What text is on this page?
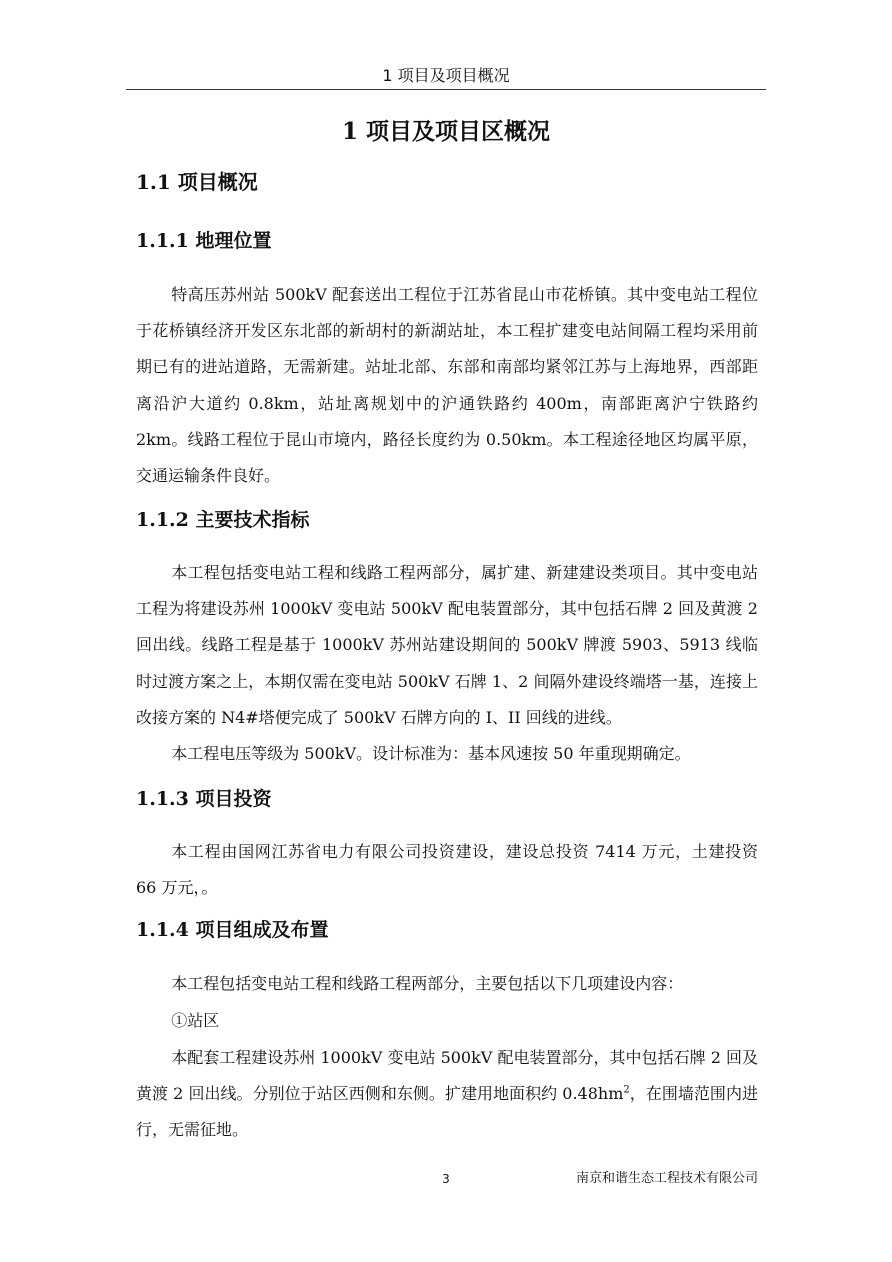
1 项目及项目概况
1 项目及项目区概况
1.1 项目概况
1.1.1 地理位置

特高压苏州站 500kV 配套送出工程位于江苏省昆山市花桥镇。其中变电站工程位于花桥镇经济开发区东北部的新胡村的新湖站址，本工程扩建变电站间隔工程均采用前期已有的进站道路，无需新建。站址北部、东部和南部均紧邻江苏与上海地界，西部距离沿沪大道约 0.8km，站址离规划中的沪通铁路约 400m，南部距离沪宁铁路约 2km。线路工程位于昆山市境内，路径长度约为 0.50km。本工程途径地区均属平原，交通运输条件良好。

1.1.2 主要技术指标

本工程包括变电站工程和线路工程两部分，属扩建、新建建设类项目。其中变电站工程为将建设苏州 1000kV 变电站 500kV 配电装置部分，其中包括石牌 2 回及黄渡 2 回出线。线路工程是基于 1000kV 苏州站建设期间的 500kV 牌渡 5903、5913 线临时过渡方案之上，本期仅需在变电站 500kV 石牌 1、2 间隔外建设终端塔一基，连接上改接方案的 N4#塔便完成了 500kV 石牌方向的 I、II 回线的进线。

本工程电压等级为 500kV。设计标准为：基本风速按 50 年重现期确定。

1.1.3 项目投资

本工程由国网江苏省电力有限公司投资建设，建设总投资 7414 万元，土建投资 66 万元，。

1.1.4 项目组成及布置

本工程包括变电站工程和线路工程两部分，主要包括以下几项建设内容：

①站区

本配套工程建设苏州 1000kV 变电站 500kV 配电装置部分，其中包括石牌 2 回及黄渡 2 回出线。分别位于站区西侧和东侧。扩建用地面积约 $0.48hm^2$，在围墙范围内进行，无需征地。

3	南京和谐生态工程技术有限公司
